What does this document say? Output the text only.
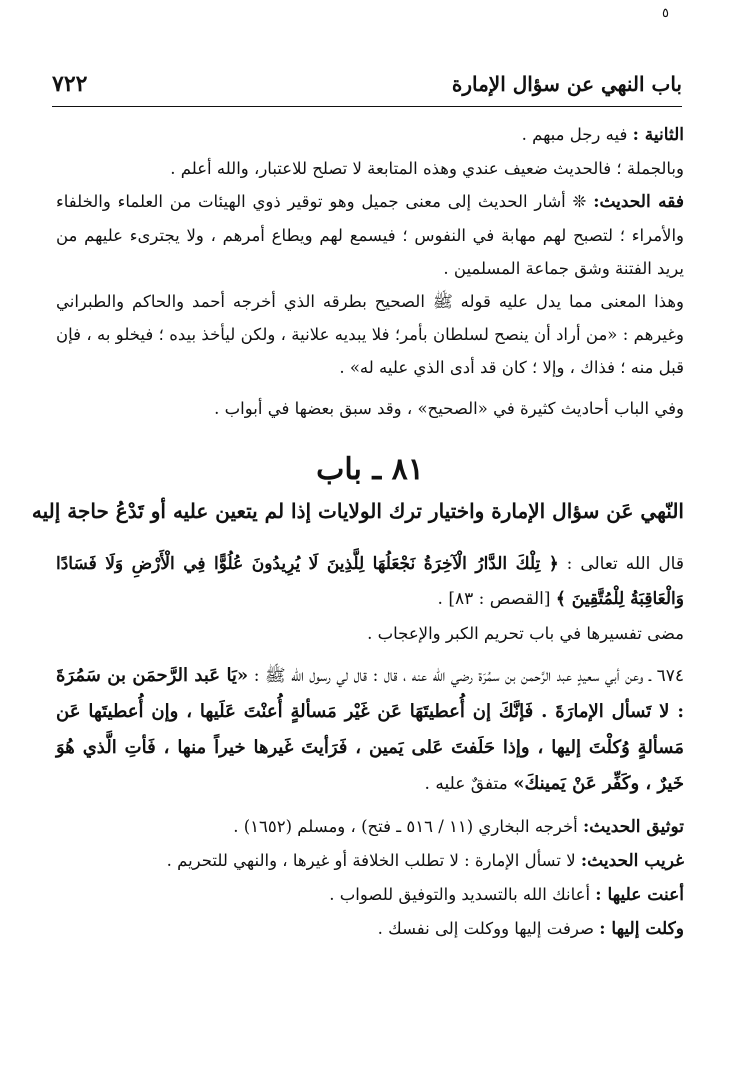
٥
٧٢٢	باب النهي عن سؤال الإمارة

الثانية : فيه رجل مبهم .

وبالجملة ؛ فالحديث ضعيف عندي وهذه المتابعة لا تصلح للاعتبار، والله أعلم .

فقه الحديث: ❊ أشار الحديث إلى معنى جميل وهو توقير ذوي الهيئات من العلماء والخلفاء والأمراء ؛ لتصبح لهم مهابة في النفوس ؛ فيسمع لهم ويطاع أمرهم ، ولا يجترىء عليهم من يريد الفتنة وشق جماعة المسلمين .

وهذا المعنى مما يدل عليه قوله ﷺ الصحيح بطرقه الذي أخرجه أحمد والحاكم والطبراني وغيرهم : «من أراد أن ينصح لسلطان بأمر؛ فلا يبديه علانية ، ولكن ليأخذ بيده ؛ فيخلو به ، فإن قبل منه ؛ فذاك ، وإلا ؛ كان قد أدى الذي عليه له» .

وفي الباب أحاديث كثيرة في «الصحيح» ، وقد سبق بعضها في أبواب .

٨١ ـ باب
النّهي عَن سؤال الإمارة واختيار ترك الولايات إذا لم يتعين عليه أو تَدْعُ حاجة إليه

قال الله تعالى : ﴿ تِلْكَ الدَّارُ الْآخِرَةُ نَجْعَلُهَا لِلَّذِينَ لَا يُرِيدُونَ عُلُوًّا فِي الْأَرْضِ وَلَا فَسَادًا وَالْعَاقِبَةُ لِلْمُتَّقِينَ ﴾ [القصص : ٨٣] .

مضى تفسيرها في باب تحريم الكبر والإعجاب .

٦٧٤ ـ وعن أبي سعيدٍ عبد الرَّحمن بن سمُرَة رضي الله عنه ، قال : قال لي رسول الله ﷺ : «يَا عَبد الرَّحمَن بن سَمُرَةَ : لا تَسأل الإمارَةَ . فَإنَّكَ إن أُعطيتَهَا عَن غَيْر مَسألةٍ أُعنْتَ عَلَيها ، وإن أُعطيتَها عَن مَسألةٍ وُكلْتَ إليها ، وإذا حَلَفتَ عَلى يَمين ، فَرَأيتَ غَيرها خيراً منها ، فَأتِ الَّذي هُوَ خَيرٌ ، وكَفِّر عَنْ يَمينكَ» متفقٌ عليه .

توثيق الحديث: أخرجه البخاري (١١ / ٥١٦ ـ فتح) ، ومسلم (١٦٥٢) .

غريب الحديث: لا تسأل الإمارة : لا تطلب الخلافة أو غيرها ، والنهي للتحريم .

أعنت عليها : أعانك الله بالتسديد والتوفيق للصواب .

وكلت إليها : صرفت إليها ووكلت إلى نفسك .
